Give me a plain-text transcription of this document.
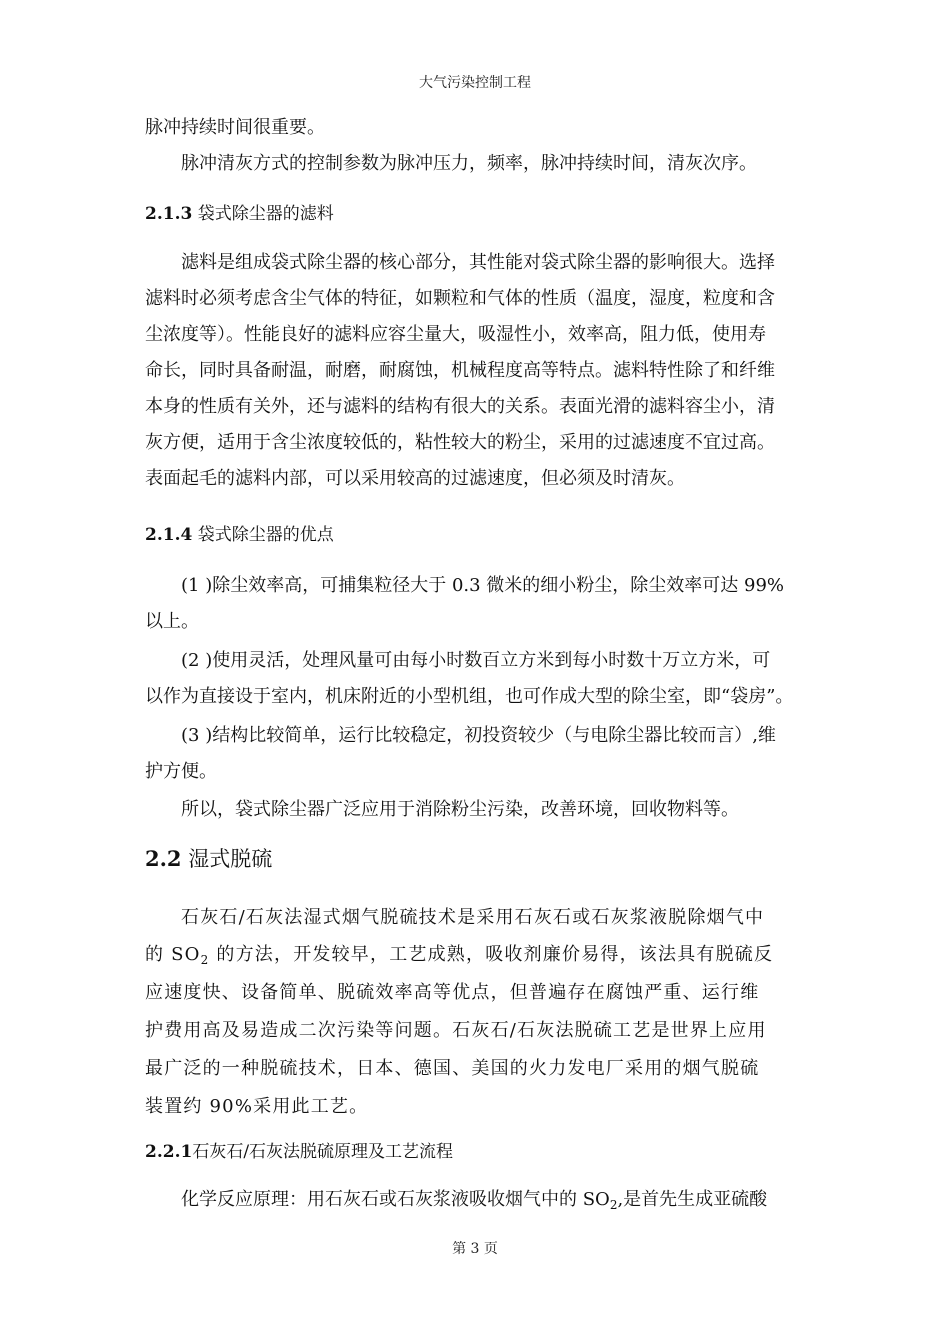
大气污染控制工程
脉冲持续时间很重要。
脉冲清灰方式的控制参数为脉冲压力，频率，脉冲持续时间，清灰次序。
2.1.3 袋式除尘器的滤料
滤料是组成袋式除尘器的核心部分，其性能对袋式除尘器的影响很大。选择
滤料时必须考虑含尘气体的特征，如颗粒和气体的性质（温度，湿度，粒度和含
尘浓度等）。性能良好的滤料应容尘量大，吸湿性小，效率高，阻力低，使用寿
命长，同时具备耐温，耐磨，耐腐蚀，机械程度高等特点。滤料特性除了和纤维
本身的性质有关外，还与滤料的结构有很大的关系。表面光滑的滤料容尘小，清
灰方便，适用于含尘浓度较低的，粘性较大的粉尘，采用的过滤速度不宜过高。
表面起毛的滤料内部，可以采用较高的过滤速度，但必须及时清灰。
2.1.4 袋式除尘器的优点
(1 )除尘效率高，可捕集粒径大于 0.3 微米的细小粉尘，除尘效率可达 99%
以上。
(2 )使用灵活，处理风量可由每小时数百立方米到每小时数十万立方米，可
以作为直接设于室内，机床附近的小型机组，也可作成大型的除尘室，即“袋房”。
(3 )结构比较简单，运行比较稳定，初投资较少（与电除尘器比较而言）,维
护方便。
所以，袋式除尘器广泛应用于消除粉尘污染，改善环境，回收物料等。
2.2 湿式脱硫
石灰石/石灰法湿式烟气脱硫技术是采用石灰石或石灰浆液脱除烟气中
的 $SO_2$ 的方法，开发较早，工艺成熟，吸收剂廉价易得，该法具有脱硫反
应速度快、设备简单、脱硫效率高等优点，但普遍存在腐蚀严重、运行维
护费用高及易造成二次污染等问题。石灰石/石灰法脱硫工艺是世界上应用
最广泛的一种脱硫技术，日本、德国、美国的火力发电厂采用的烟气脱硫
装置约 90%采用此工艺。
2.2.1石灰石/石灰法脱硫原理及工艺流程
化学反应原理：用石灰石或石灰浆液吸收烟气中的 $SO_2$,是首先生成亚硫酸
第 3 页
